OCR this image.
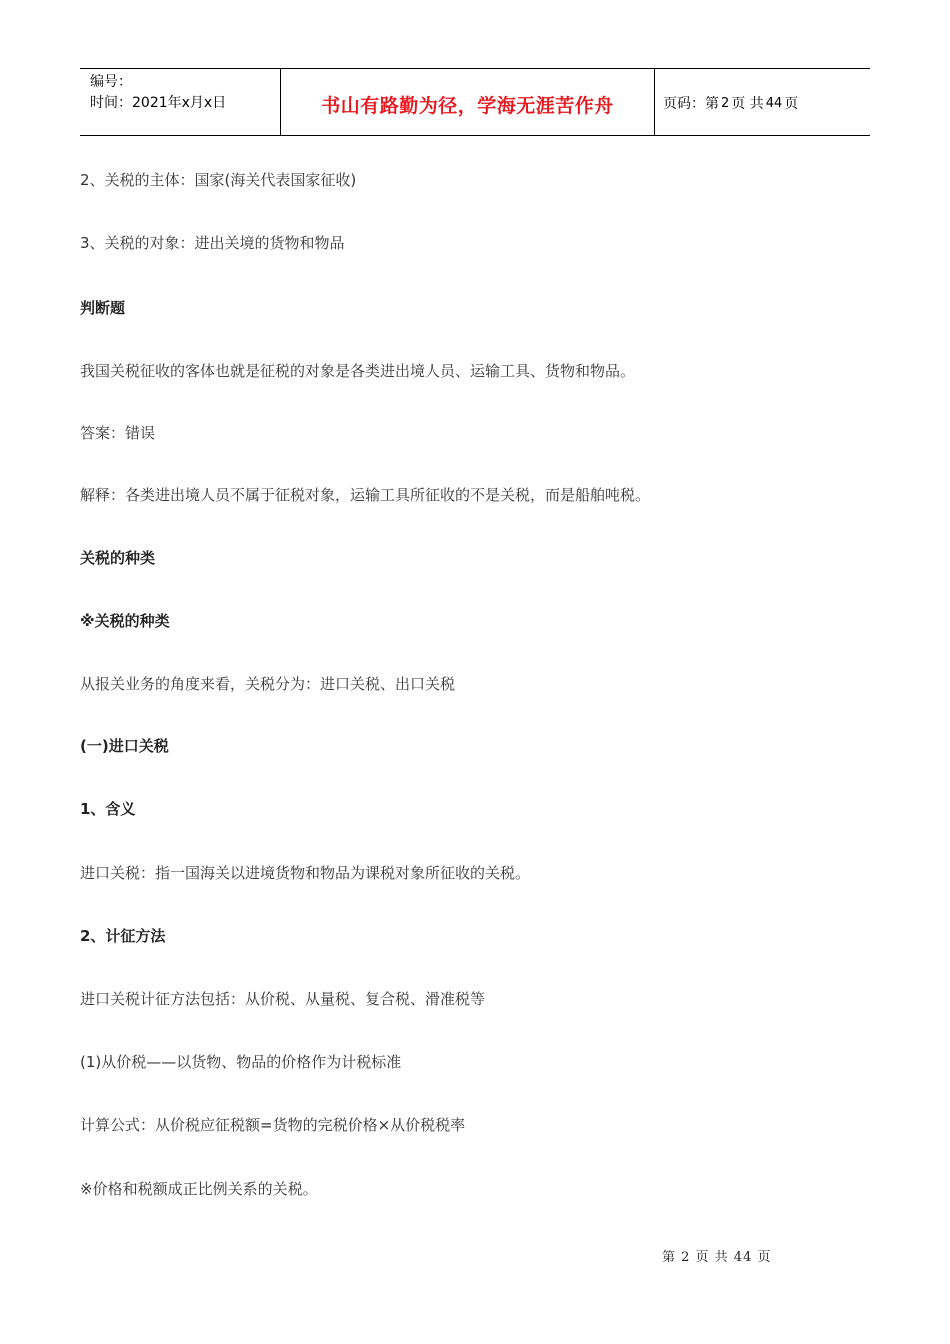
编号：
时间：2021年x月x日	书山有路勤为径，学海无涯苦作舟	页码：第 2 页 共 44 页
2、关税的主体：国家(海关代表国家征收)
3、关税的对象：进出关境的货物和物品
判断题
我国关税征收的客体也就是征税的对象是各类进出境人员、运输工具、货物和物品。
答案：错误
解释：各类进出境人员不属于征税对象，运输工具所征收的不是关税，而是船舶吨税。
关税的种类
※关税的种类
从报关业务的角度来看，关税分为：进口关税、出口关税
(一)进口关税
1、含义
进口关税：指一国海关以进境货物和物品为课税对象所征收的关税。
2、计征方法
进口关税计征方法包括：从价税、从量税、复合税、滑准税等
(1)从价税——以货物、物品的价格作为计税标准
计算公式：从价税应征税额=货物的完税价格×从价税税率
※价格和税额成正比例关系的关税。
第 2 页 共 44 页
